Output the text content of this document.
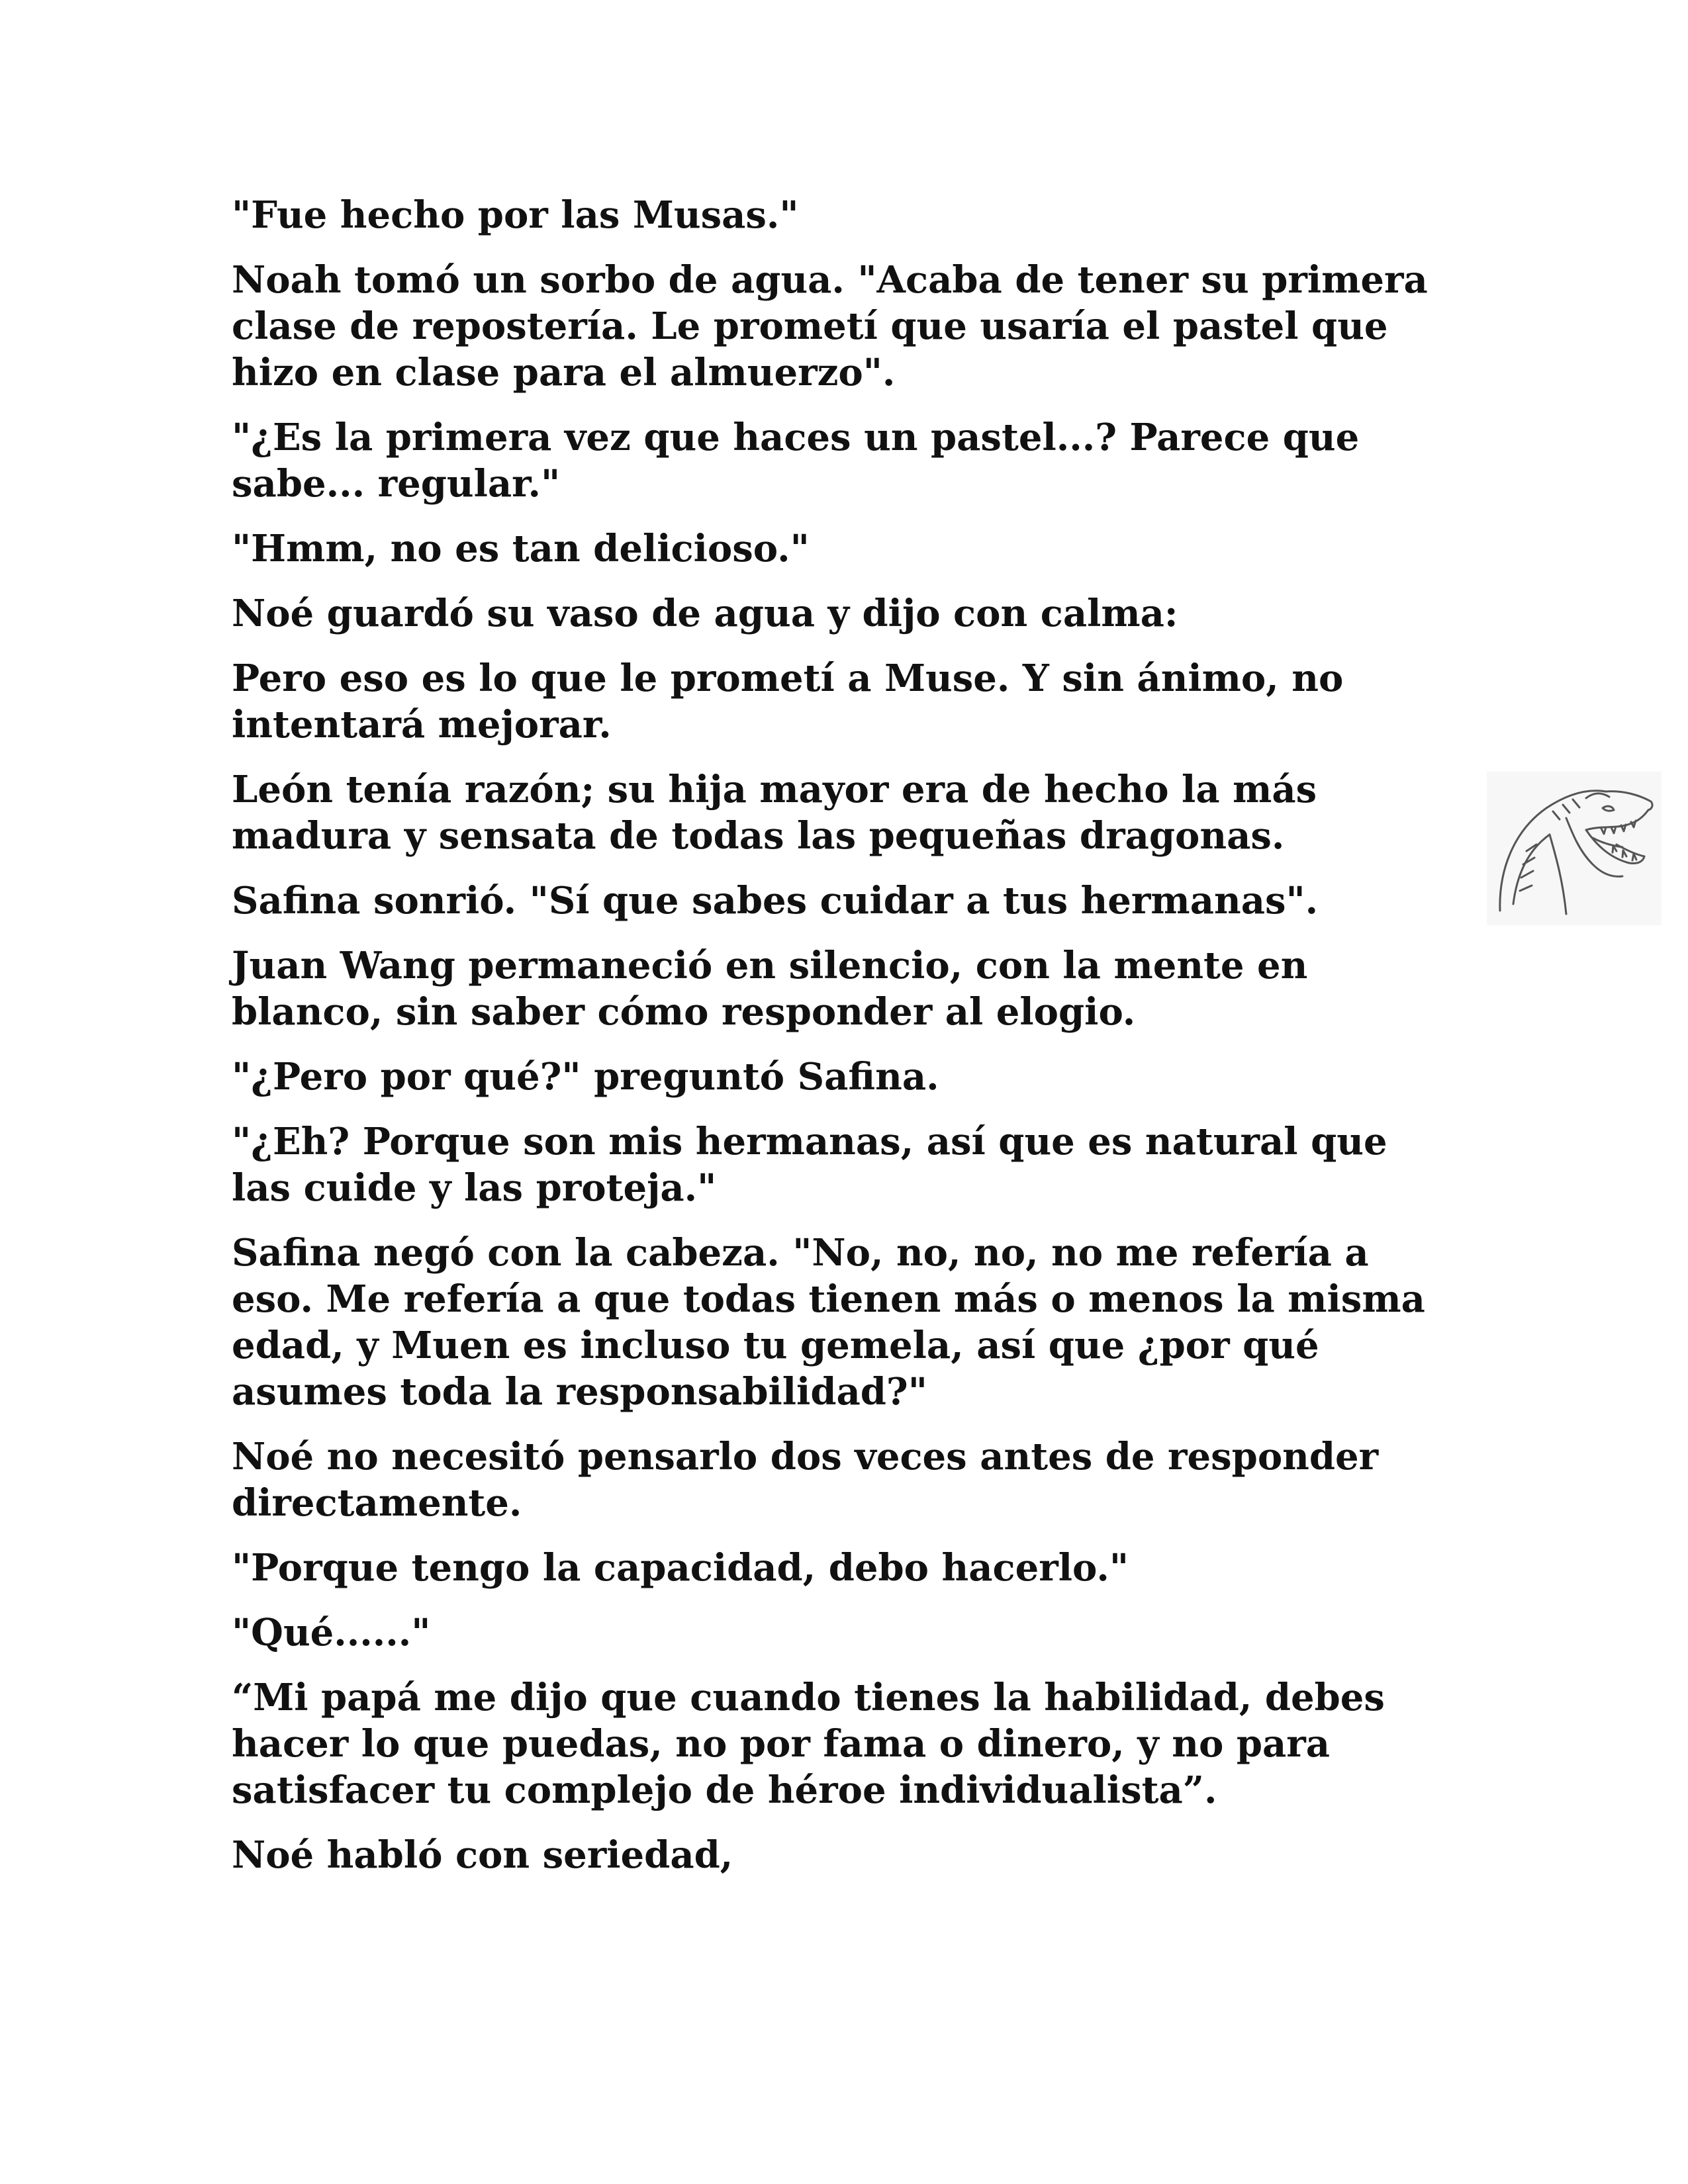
"Fue hecho por las Musas."

Noah tomó un sorbo de agua. "Acaba de tener su primera clase de repostería. Le prometí que usaría el pastel que hizo en clase para el almuerzo".

"¿Es la primera vez que haces un pastel...? Parece que sabe... regular."

"Hmm, no es tan delicioso."

Noé guardó su vaso de agua y dijo con calma:

Pero eso es lo que le prometí a Muse. Y sin ánimo, no intentará mejorar.

León tenía razón; su hija mayor era de hecho la más madura y sensata de todas las pequeñas dragonas.

Safina sonrió. "Sí que sabes cuidar a tus hermanas".

Juan Wang permaneció en silencio, con la mente en blanco, sin saber cómo responder al elogio.

"¿Pero por qué?" preguntó Safina.

"¿Eh? Porque son mis hermanas, así que es natural que las cuide y las proteja."

Safina negó con la cabeza. "No, no, no, no me refería a eso. Me refería a que todas tienen más o menos la misma edad, y Muen es incluso tu gemela, así que ¿por qué asumes toda la responsabilidad?"

Noé no necesitó pensarlo dos veces antes de responder directamente.

"Porque tengo la capacidad, debo hacerlo."

"Qué......"

“Mi papá me dijo que cuando tienes la habilidad, debes hacer lo que puedas, no por fama o dinero, y no para satisfacer tu complejo de héroe individualista”.

Noé habló con seriedad,
